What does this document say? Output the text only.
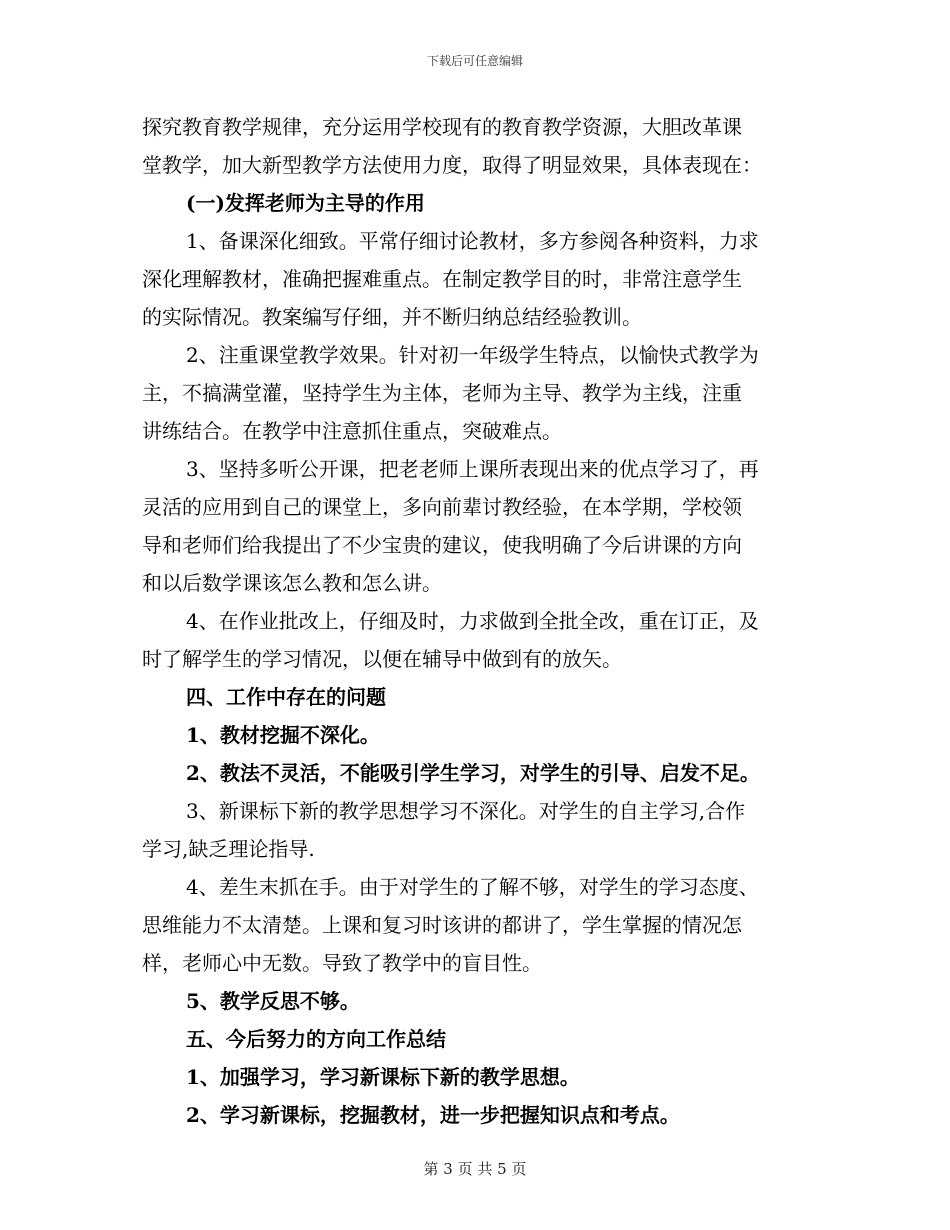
下载后可任意编辑
探究教育教学规律，充分运用学校现有的教育教学资源，大胆改革课
堂教学，加大新型教学方法使用力度，取得了明显效果，具体表现在：
(一)发挥老师为主导的作用
1、备课深化细致。平常仔细讨论教材，多方参阅各种资料，力求
深化理解教材，准确把握难重点。在制定教学目的时，非常注意学生
的实际情况。教案编写仔细，并不断归纳总结经验教训。
2、注重课堂教学效果。针对初一年级学生特点，以愉快式教学为
主，不搞满堂灌，坚持学生为主体，老师为主导、教学为主线，注重
讲练结合。在教学中注意抓住重点，突破难点。
3、坚持多听公开课，把老老师上课所表现出来的优点学习了，再
灵活的应用到自己的课堂上，多向前辈讨教经验，在本学期，学校领
导和老师们给我提出了不少宝贵的建议，使我明确了今后讲课的方向
和以后数学课该怎么教和怎么讲。
4、在作业批改上，仔细及时，力求做到全批全改，重在订正，及
时了解学生的学习情况，以便在辅导中做到有的放矢。
四、工作中存在的问题
1、教材挖掘不深化。
2、教法不灵活，不能吸引学生学习，对学生的引导、启发不足。
3、新课标下新的教学思想学习不深化。对学生的自主学习,合作
学习,缺乏理论指导.
4、差生末抓在手。由于对学生的了解不够，对学生的学习态度、
思维能力不太清楚。上课和复习时该讲的都讲了，学生掌握的情况怎
样，老师心中无数。导致了教学中的盲目性。
5、教学反思不够。
五、今后努力的方向工作总结
1、加强学习，学习新课标下新的教学思想。
2、学习新课标，挖掘教材，进一步把握知识点和考点。
第 3 页 共 5 页
